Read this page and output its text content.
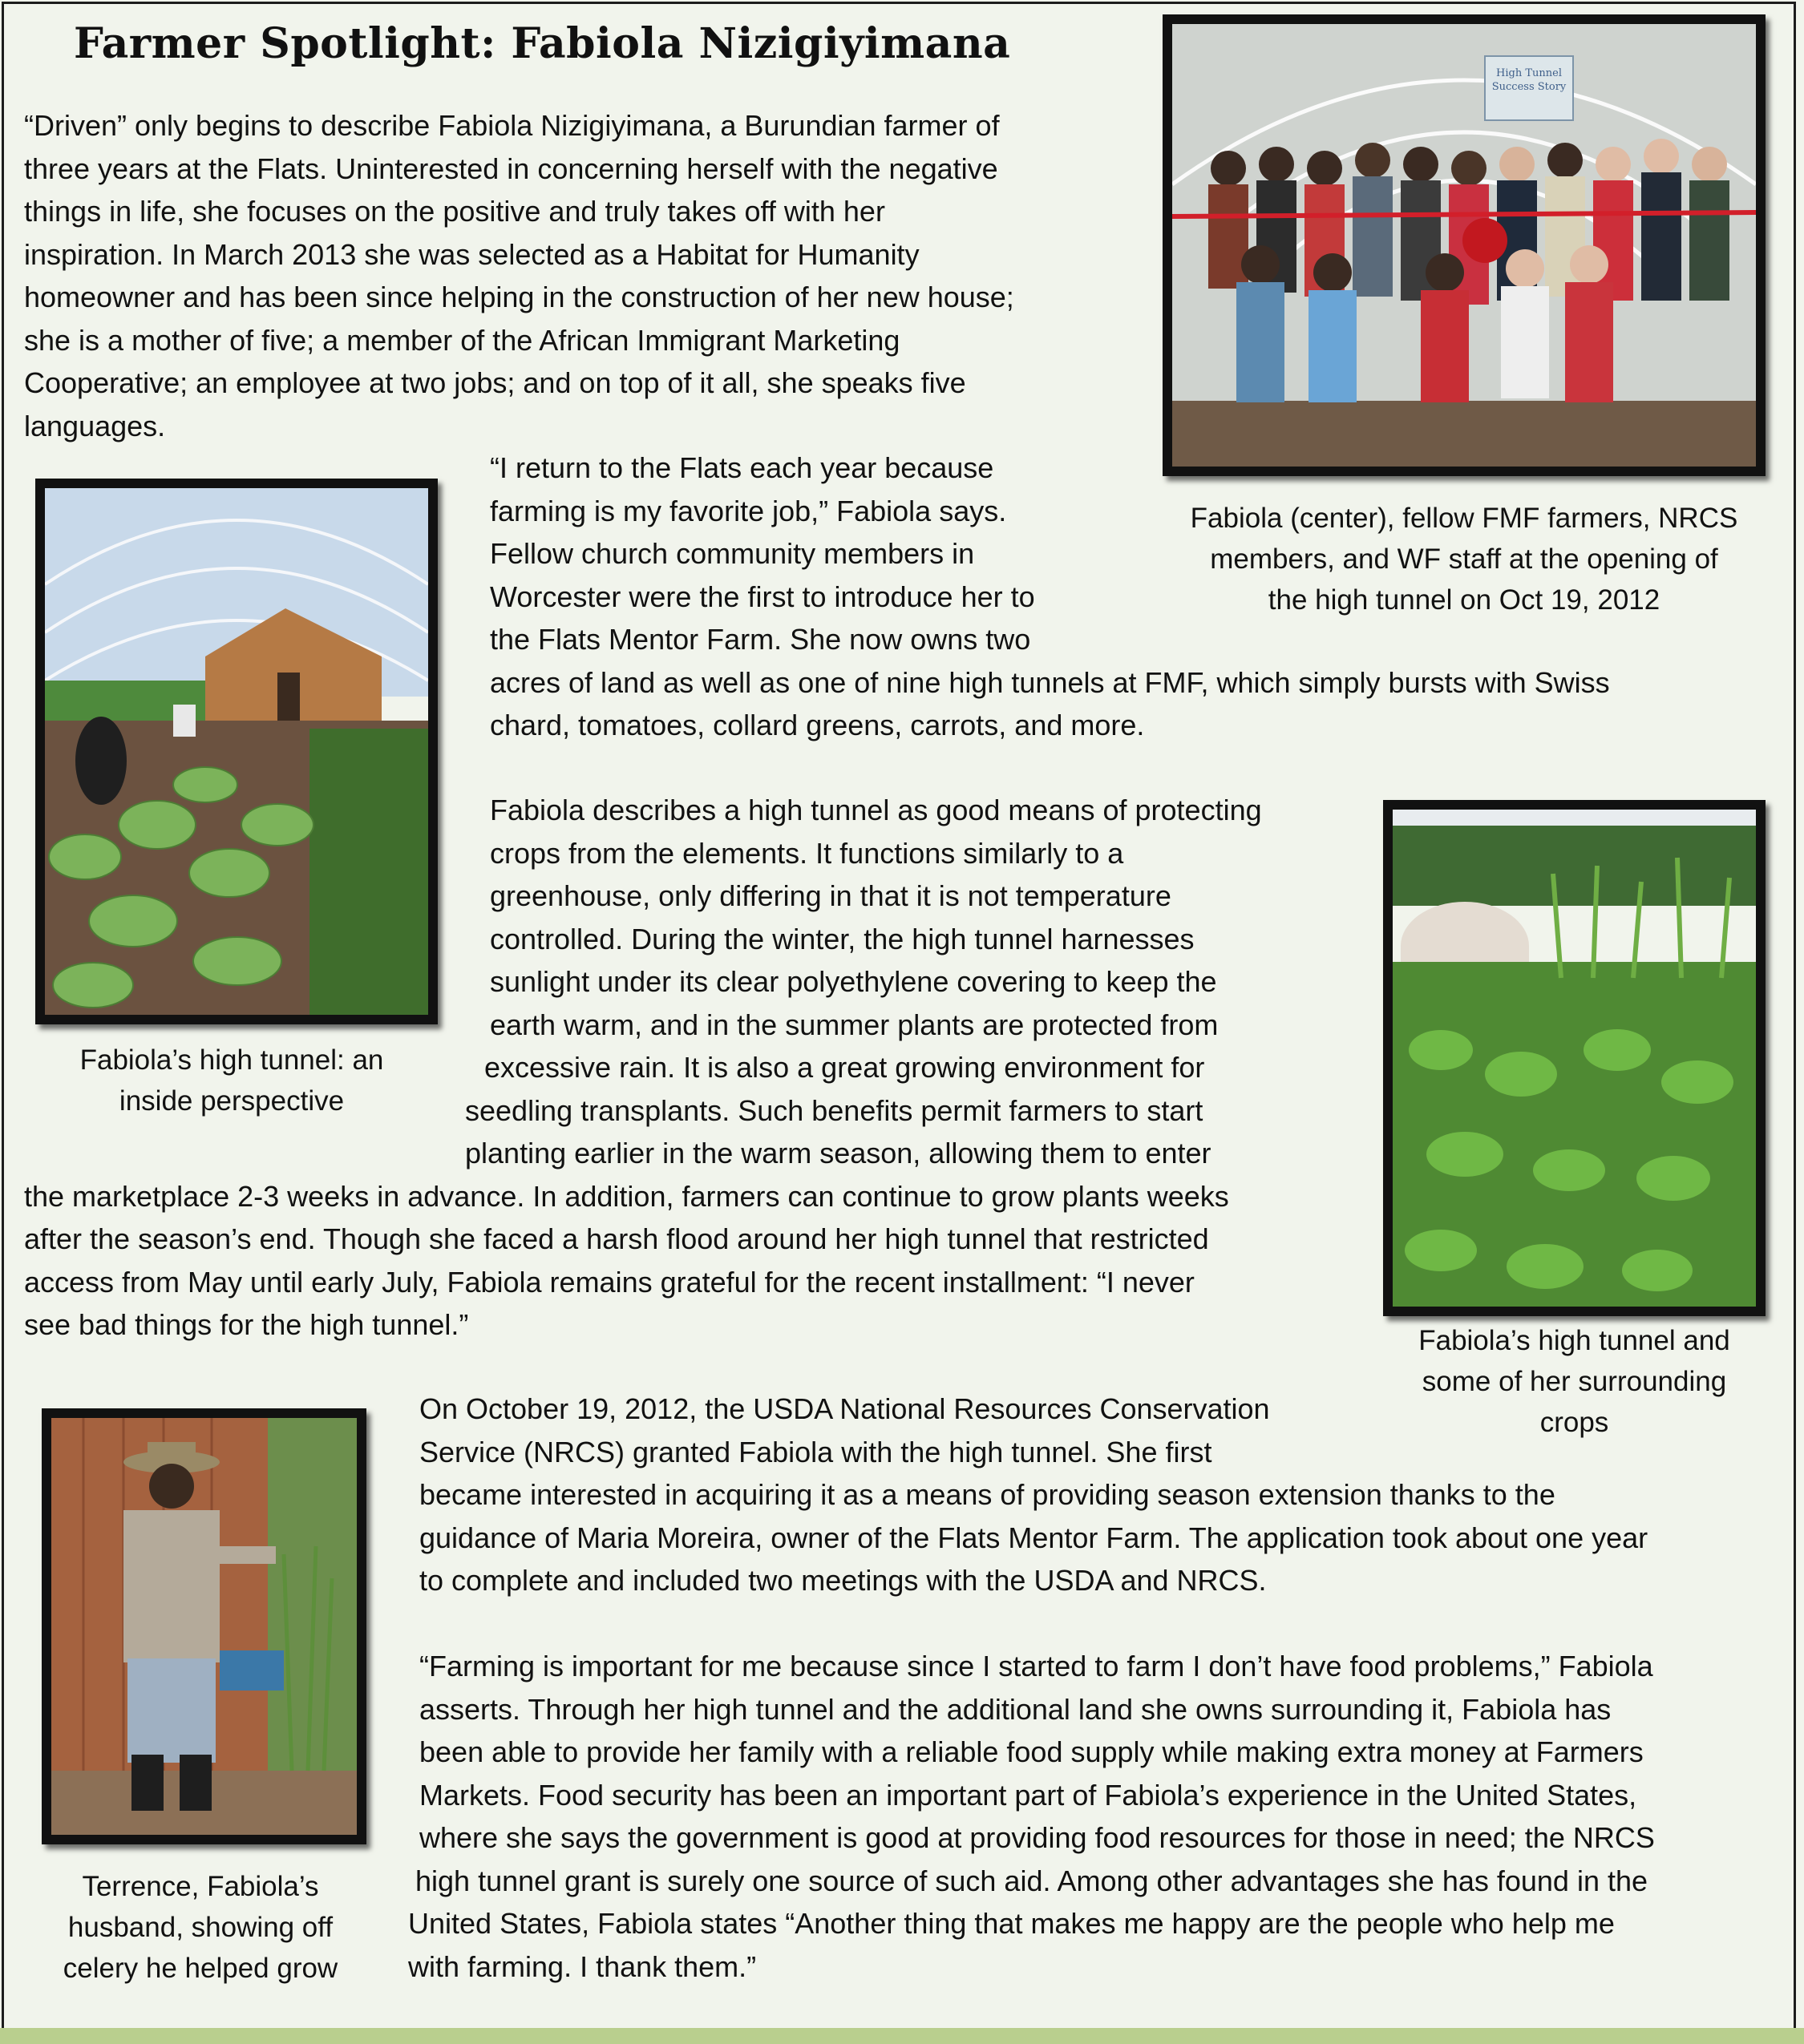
Farmer Spotlight: Fabiola Nizigiyimana
“Driven” only begins to describe Fabiola Nizigiyimana, a Burundian farmer of
three years at the Flats. Uninterested in concerning herself with the negative
things in life, she focuses on the positive and truly takes off with her
inspiration. In March 2013 she was selected as a Habitat for Humanity
homeowner and has been since helping in the construction of her new house;
she is a mother of five; a member of the African Immigrant Marketing
Cooperative; an employee at two jobs; and on top of it all, she speaks five
languages.
“I return to the Flats each year because
farming is my favorite job,” Fabiola says.
Fellow church community members in
Worcester were the first to introduce her to
the Flats Mentor Farm. She now owns two
acres of land as well as one of nine high tunnels at FMF, which simply bursts with Swiss
chard, tomatoes, collard greens, carrots, and more.
Fabiola describes a high tunnel as good means of protecting
crops from the elements. It functions similarly to a
greenhouse, only differing in that it is not temperature
controlled. During the winter, the high tunnel harnesses
sunlight under its clear polyethylene covering to keep the
earth warm, and in the summer plants are protected from
excessive rain. It is also a great growing environment for
seedling transplants. Such benefits permit farmers to start
planting earlier in the warm season, allowing them to enter
the marketplace 2-3 weeks in advance. In addition, farmers can continue to grow plants weeks
after the season’s end. Though she faced a harsh flood around her high tunnel that restricted
access from May until early July, Fabiola remains grateful for the recent installment: “I never
see bad things for the high tunnel.”
On October 19, 2012, the USDA National Resources Conservation
Service (NRCS) granted Fabiola with the high tunnel. She first
became interested in acquiring it as a means of providing season extension thanks to the
guidance of Maria Moreira, owner of the Flats Mentor Farm. The application took about one year
to complete and included two meetings with the USDA and NRCS.
“Farming is important for me because since I started to farm I don’t have food problems,” Fabiola
asserts. Through her high tunnel and the additional land she owns surrounding it, Fabiola has
been able to provide her family with a reliable food supply while making extra money at Farmers
Markets. Food security has been an important part of Fabiola’s experience in the United States,
where she says the government is good at providing food resources for those in need; the NRCS
high tunnel grant is surely one source of such aid. Among other advantages she has found in the
United States, Fabiola states “Another thing that makes me happy are the people who help me
with farming. I thank them.”
High Tunnel
Success Story
Fabiola (center), fellow FMF farmers, NRCS
members, and WF staff at the opening of
the high tunnel on Oct 19, 2012
Fabiola’s high tunnel: an
inside perspective
Fabiola’s high tunnel and
some of her surrounding
crops
Terrence, Fabiola’s
husband, showing off
celery he helped grow
